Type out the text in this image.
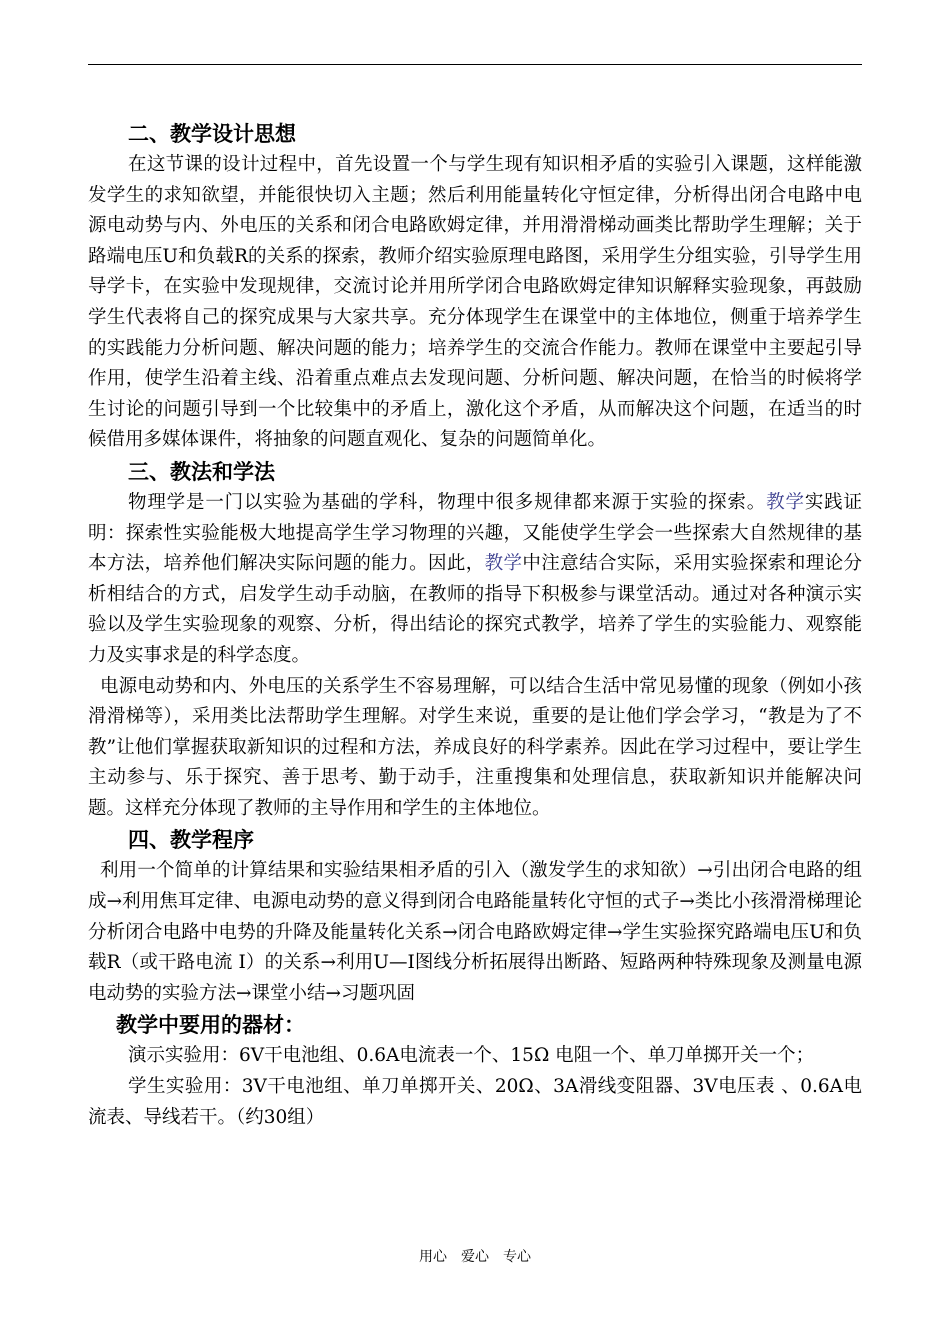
二、教学设计思想

在这节课的设计过程中，首先设置一个与学生现有知识相矛盾的实验引入课题，这样能激发学生的求知欲望，并能很快切入主题；然后利用能量转化守恒定律，分析得出闭合电路中电源电动势与内、外电压的关系和闭合电路欧姆定律，并用滑滑梯动画类比帮助学生理解；关于路端电压U和负载R的关系的探索，教师介绍实验原理电路图，采用学生分组实验，引导学生用导学卡，在实验中发现规律，交流讨论并用所学闭合电路欧姆定律知识解释实验现象，再鼓励学生代表将自己的探究成果与大家共享。充分体现学生在课堂中的主体地位，侧重于培养学生的实践能力分析问题、解决问题的能力；培养学生的交流合作能力。教师在课堂中主要起引导作用，使学生沿着主线、沿着重点难点去发现问题、分析问题、解决问题，在恰当的时候将学生讨论的问题引导到一个比较集中的矛盾上，激化这个矛盾，从而解决这个问题，在适当的时候借用多媒体课件，将抽象的问题直观化、复杂的问题简单化。

三、教法和学法

物理学是一门以实验为基础的学科，物理中很多规律都来源于实验的探索。教学实践证明：探索性实验能极大地提高学生学习物理的兴趣，又能使学生学会一些探索大自然规律的基本方法，培养他们解决实际问题的能力。因此，教学中注意结合实际，采用实验探索和理论分析相结合的方式，启发学生动手动脑，在教师的指导下积极参与课堂活动。通过对各种演示实验以及学生实验现象的观察、分析，得出结论的探究式教学，培养了学生的实验能力、观察能力及实事求是的科学态度。

电源电动势和内、外电压的关系学生不容易理解，可以结合生活中常见易懂的现象（例如小孩滑滑梯等），采用类比法帮助学生理解。对学生来说，重要的是让他们学会学习，“教是为了不教”让他们掌握获取新知识的过程和方法，养成良好的科学素养。因此在学习过程中，要让学生主动参与、乐于探究、善于思考、勤于动手，注重搜集和处理信息，获取新知识并能解决问题。这样充分体现了教师的主导作用和学生的主体地位。

四、教学程序

利用一个简单的计算结果和实验结果相矛盾的引入（激发学生的求知欲）→引出闭合电路的组成→利用焦耳定律、电源电动势的意义得到闭合电路能量转化守恒的式子→类比小孩滑滑梯理论分析闭合电路中电势的升降及能量转化关系→闭合电路欧姆定律→学生实验探究路端电压U和负载R（或干路电流 I）的关系→利用U—I图线分析拓展得出断路、短路两种特殊现象及测量电源电动势的实验方法→课堂小结→习题巩固

教学中要用的器材：

演示实验用：6V干电池组、0.6A电流表一个、15Ω 电阻一个、单刀单掷开关一个；

学生实验用：3V干电池组、单刀单掷开关、20Ω、3A滑线变阻器、3V电压表 、0.6A电流表、导线若干。（约30组）

用心　爱心　专心
